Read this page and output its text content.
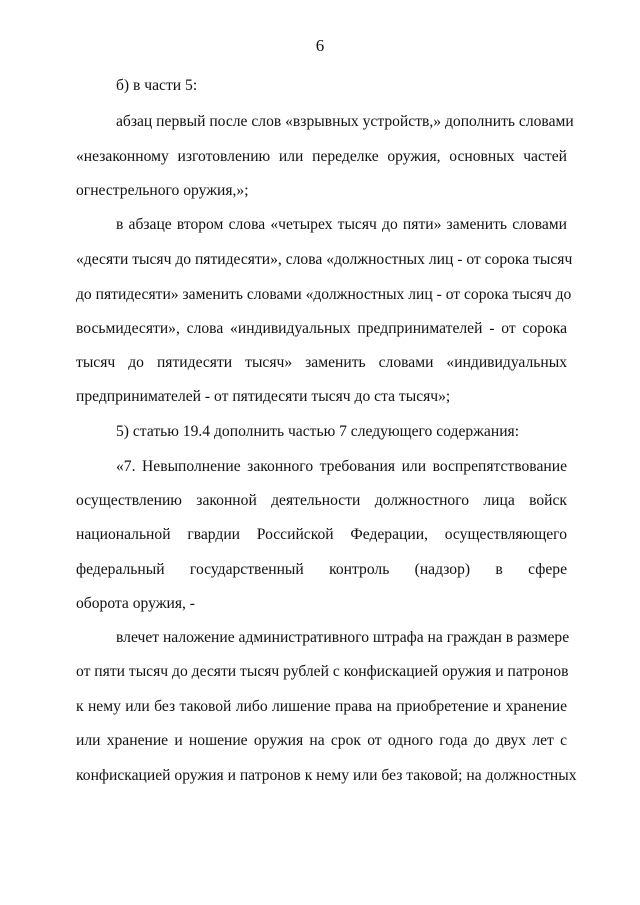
6
б) в части 5:
абзац первый после слов «взрывных устройств,» дополнить словами
«незаконному изготовлению или переделке оружия, основных частей
огнестрельного оружия,»;
в абзаце втором слова «четырех тысяч до пяти» заменить словами
«десяти тысяч до пятидесяти», слова «должностных лиц - от сорока тысяч
до пятидесяти» заменить словами «должностных лиц - от сорока тысяч до
восьмидесяти», слова «индивидуальных предпринимателей - от сорока
тысяч до пятидесяти тысяч» заменить словами «индивидуальных
предпринимателей - от пятидесяти тысяч до ста тысяч»;
5) статью 19.4 дополнить частью 7 следующего содержания:
«7. Невыполнение законного требования или воспрепятствование
осуществлению законной деятельности должностного лица войск
национальной гвардии Российской Федерации, осуществляющего
федеральный государственный контроль (надзор) в сфере
оборота оружия, -
влечет наложение административного штрафа на граждан в размере
от пяти тысяч до десяти тысяч рублей с конфискацией оружия и патронов
к нему или без таковой либо лишение права на приобретение и хранение
или хранение и ношение оружия на срок от одного года до двух лет с
конфискацией оружия и патронов к нему или без таковой; на должностных
